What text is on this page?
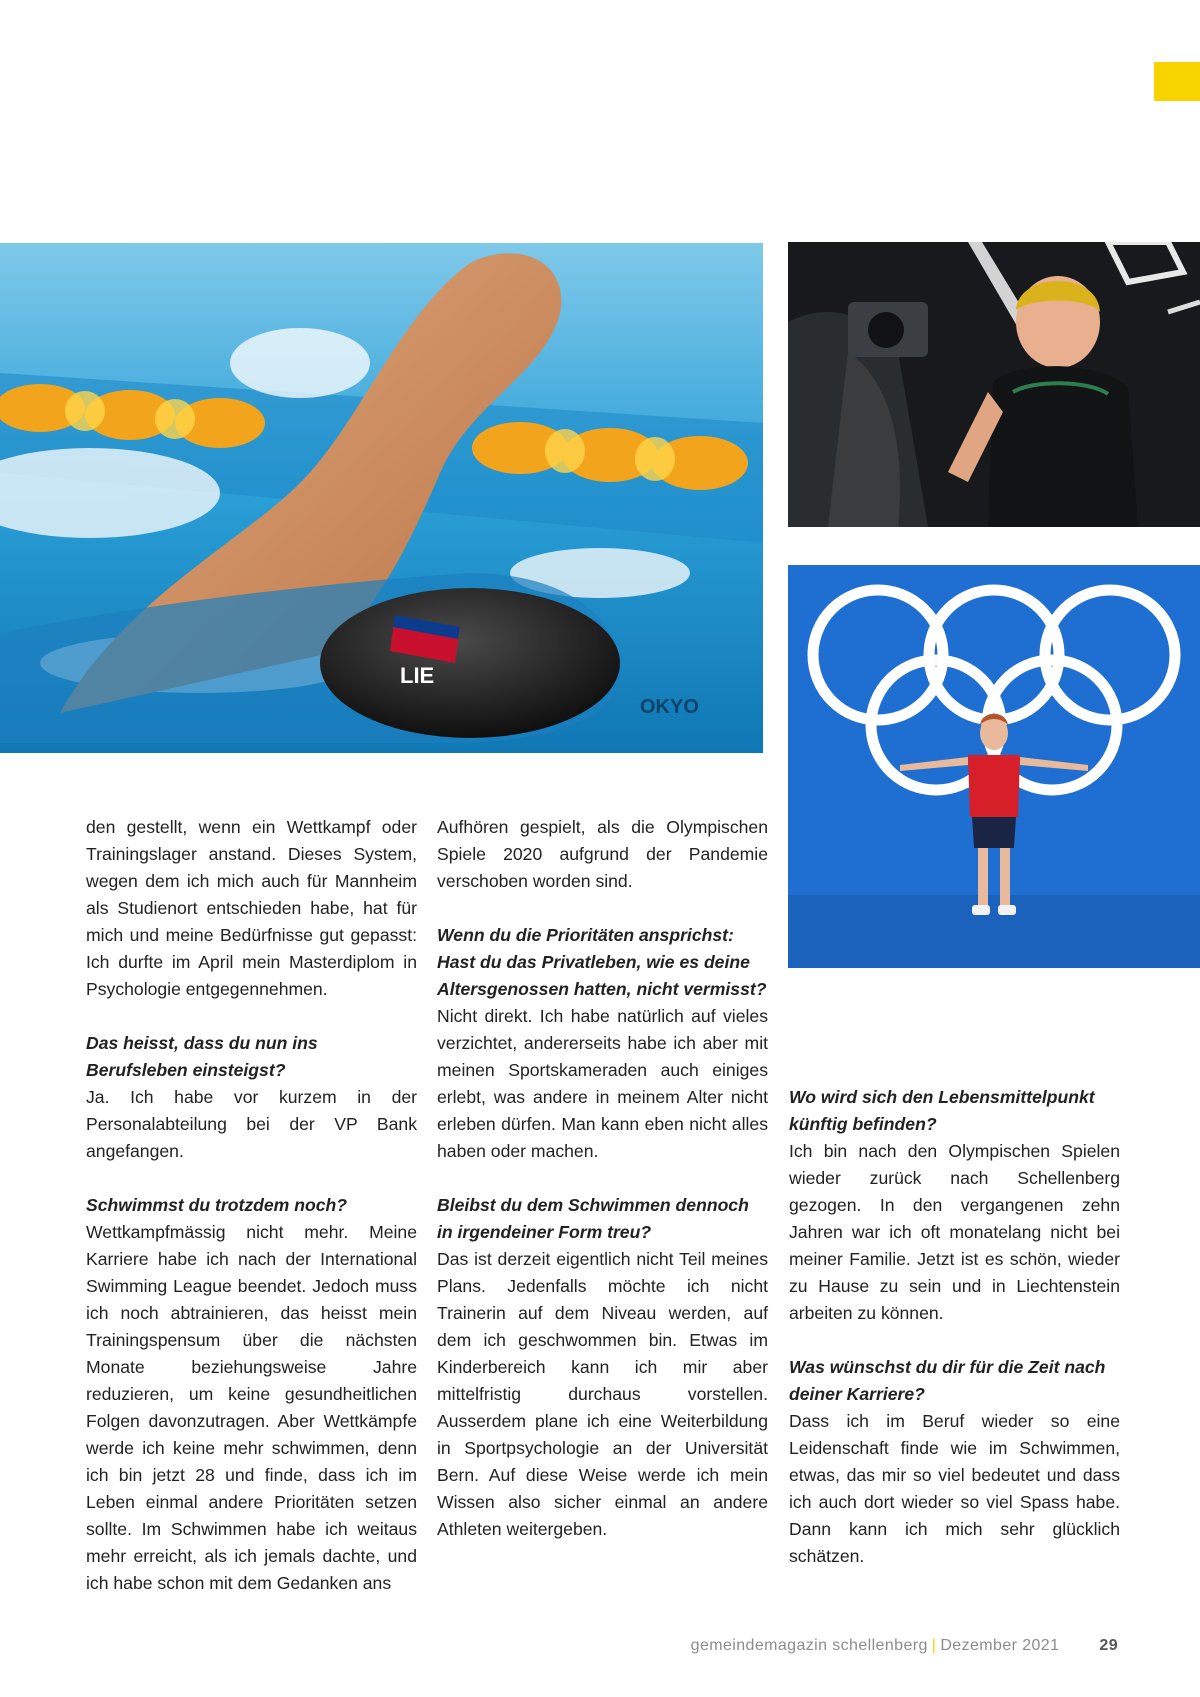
LIE
OKYO

den gestellt, wenn ein Wettkampf oder Trainingslager anstand. Dieses System, wegen dem ich mich auch für Mannheim als Studienort entschieden habe, hat für mich und meine Bedürfnisse gut gepasst: Ich durfte im April mein Masterdiplom in Psychologie entgegennehmen.

Das heisst, dass du nun ins Berufsleben einsteigst?

Ja. Ich habe vor kurzem in der Personalabteilung bei der VP Bank angefangen.

Schwimmst du trotzdem noch?

Wettkampfmässig nicht mehr. Meine Karriere habe ich nach der International Swimming League beendet. Jedoch muss ich noch abtrainieren, das heisst mein Trainingspensum über die nächsten Monate beziehungsweise Jahre reduzieren, um keine gesundheitlichen Folgen davonzutragen. Aber Wettkämpfe werde ich keine mehr schwimmen, denn ich bin jetzt 28 und finde, dass ich im Leben einmal andere Prioritäten setzen sollte. Im Schwimmen habe ich weitaus mehr erreicht, als ich jemals dachte, und ich habe schon mit dem Gedanken ans

Aufhören gespielt, als die Olympischen Spiele 2020 aufgrund der Pandemie verschoben worden sind.

Wenn du die Prioritäten ansprichst: Hast du das Privatleben, wie es deine Altersgenossen hatten, nicht vermisst?

Nicht direkt. Ich habe natürlich auf vieles verzichtet, andererseits habe ich aber mit meinen Sportskameraden auch einiges erlebt, was andere in meinem Alter nicht erleben dürfen. Man kann eben nicht alles haben oder machen.

Bleibst du dem Schwimmen dennoch in irgendeiner Form treu?

Das ist derzeit eigentlich nicht Teil meines Plans. Jedenfalls möchte ich nicht Trainerin auf dem Niveau werden, auf dem ich geschwommen bin. Etwas im Kinderbereich kann ich mir aber mittelfristig durchaus vorstellen. Ausserdem plane ich eine Weiterbildung in Sportpsychologie an der Universität Bern. Auf diese Weise werde ich mein Wissen also sicher einmal an andere Athleten weitergeben.

Wo wird sich den Lebensmittelpunkt künftig befinden?

Ich bin nach den Olympischen Spielen wieder zurück nach Schellenberg gezogen. In den vergangenen zehn Jahren war ich oft monatelang nicht bei meiner Familie. Jetzt ist es schön, wieder zu Hause zu sein und in Liechtenstein arbeiten zu können.

Was wünschst du dir für die Zeit nach deiner Karriere?

Dass ich im Beruf wieder so eine Leidenschaft finde wie im Schwimmen, etwas, das mir so viel bedeutet und dass ich auch dort wieder so viel Spass habe. Dann kann ich mich sehr glücklich schätzen.

gemeindemagazin schellenberg | Dezember 2021	29
